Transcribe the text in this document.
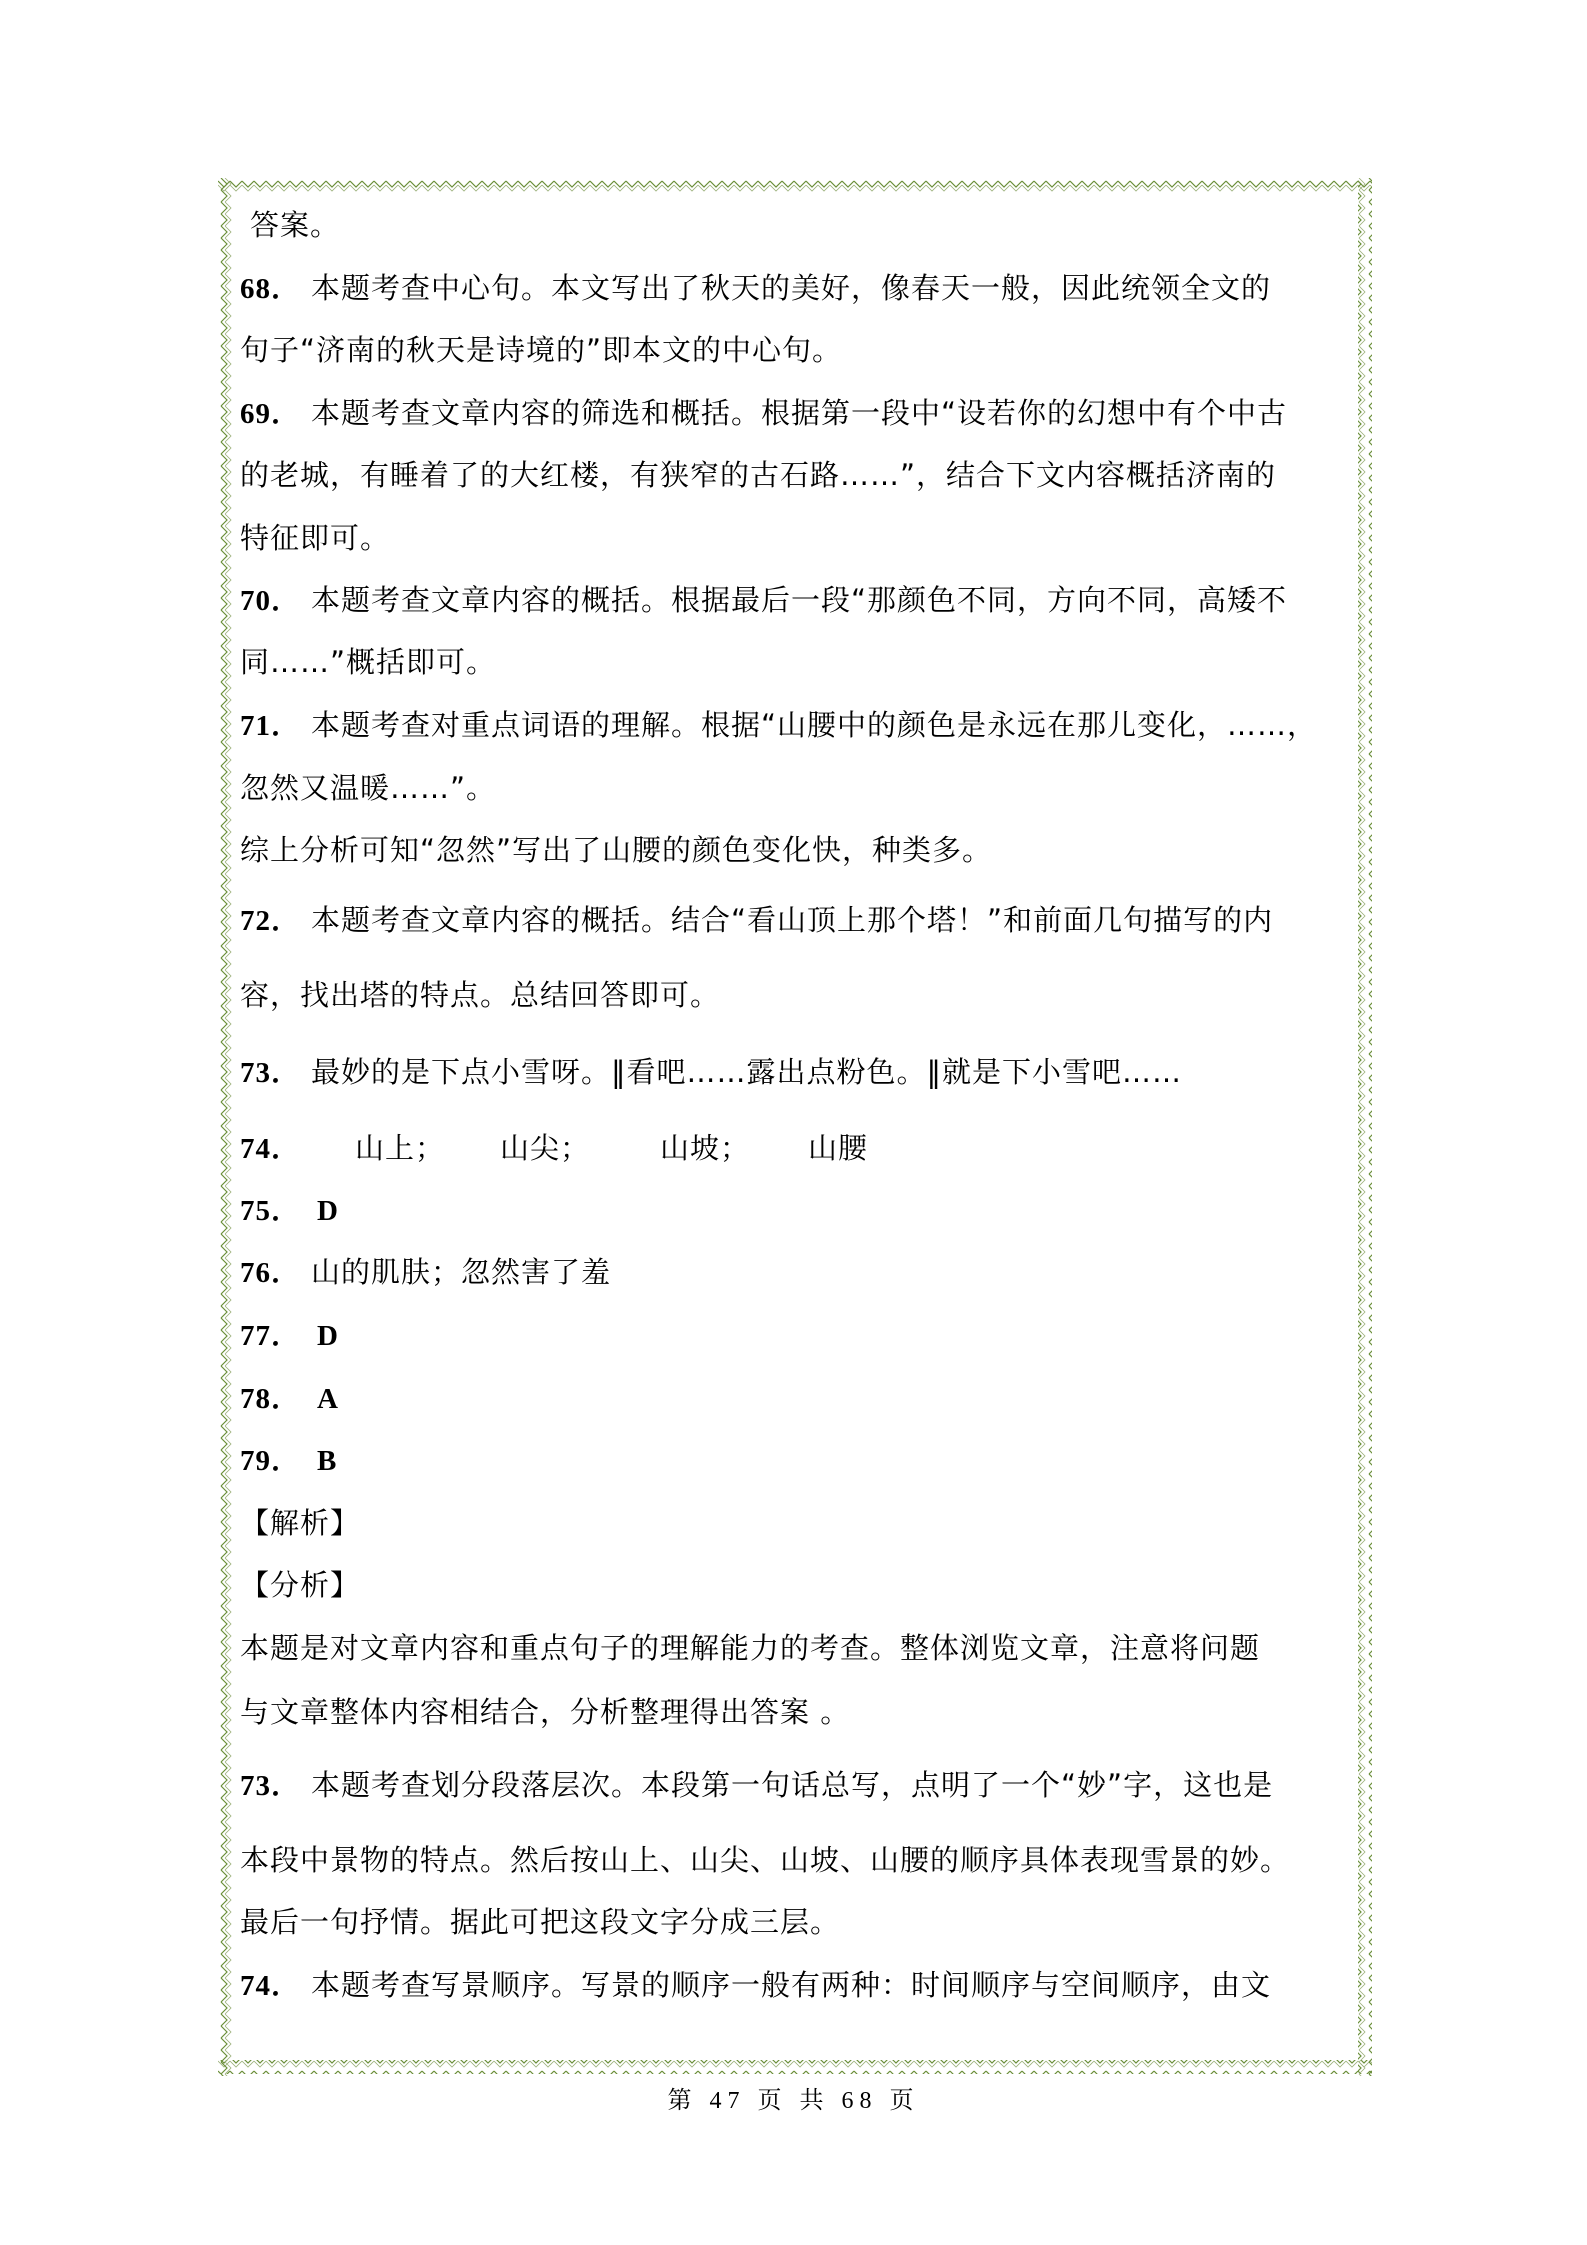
答案。
68． 本题考查中心句。本文写出了秋天的美好，像春天一般，因此统领全文的
句子“济南的秋天是诗境的”即本文的中心句。
69． 本题考查文章内容的筛选和概括。根据第一段中“设若你的幻想中有个中古
的老城，有睡着了的大红楼，有狭窄的古石路……”，结合下文内容概括济南的
特征即可。
70． 本题考查文章内容的概括。根据最后一段“那颜色不同，方向不同，高矮不
同……”概括即可。
71． 本题考查对重点词语的理解。根据“山腰中的颜色是永远在那儿变化，……，
忽然又温暖……”。
综上分析可知“忽然”写出了山腰的颜色变化快，种类多。
72． 本题考查文章内容的概括。结合“看山顶上那个塔！”和前面几句描写的内
容，找出塔的特点。总结回答即可。
73． 最妙的是下点小雪呀。‖看吧……露出点粉色。‖就是下小雪吧……
74． 山上； 山尖； 山坡； 山腰
75． D
76． 山的肌肤；忽然害了羞
77． D
78． A
79． B
【解析】
【分析】
本题是对文章内容和重点句子的理解能力的考查。整体浏览文章，注意将问题
与文章整体内容相结合，分析整理得出答案 。
73． 本题考查划分段落层次。本段第一句话总写，点明了一个“妙”字，这也是
本段中景物的特点。然后按山上、山尖、山坡、山腰的顺序具体表现雪景的妙。
最后一句抒情。据此可把这段文字分成三层。
74． 本题考查写景顺序。写景的顺序一般有两种：时间顺序与空间顺序，由文
第 47 页 共 68 页
